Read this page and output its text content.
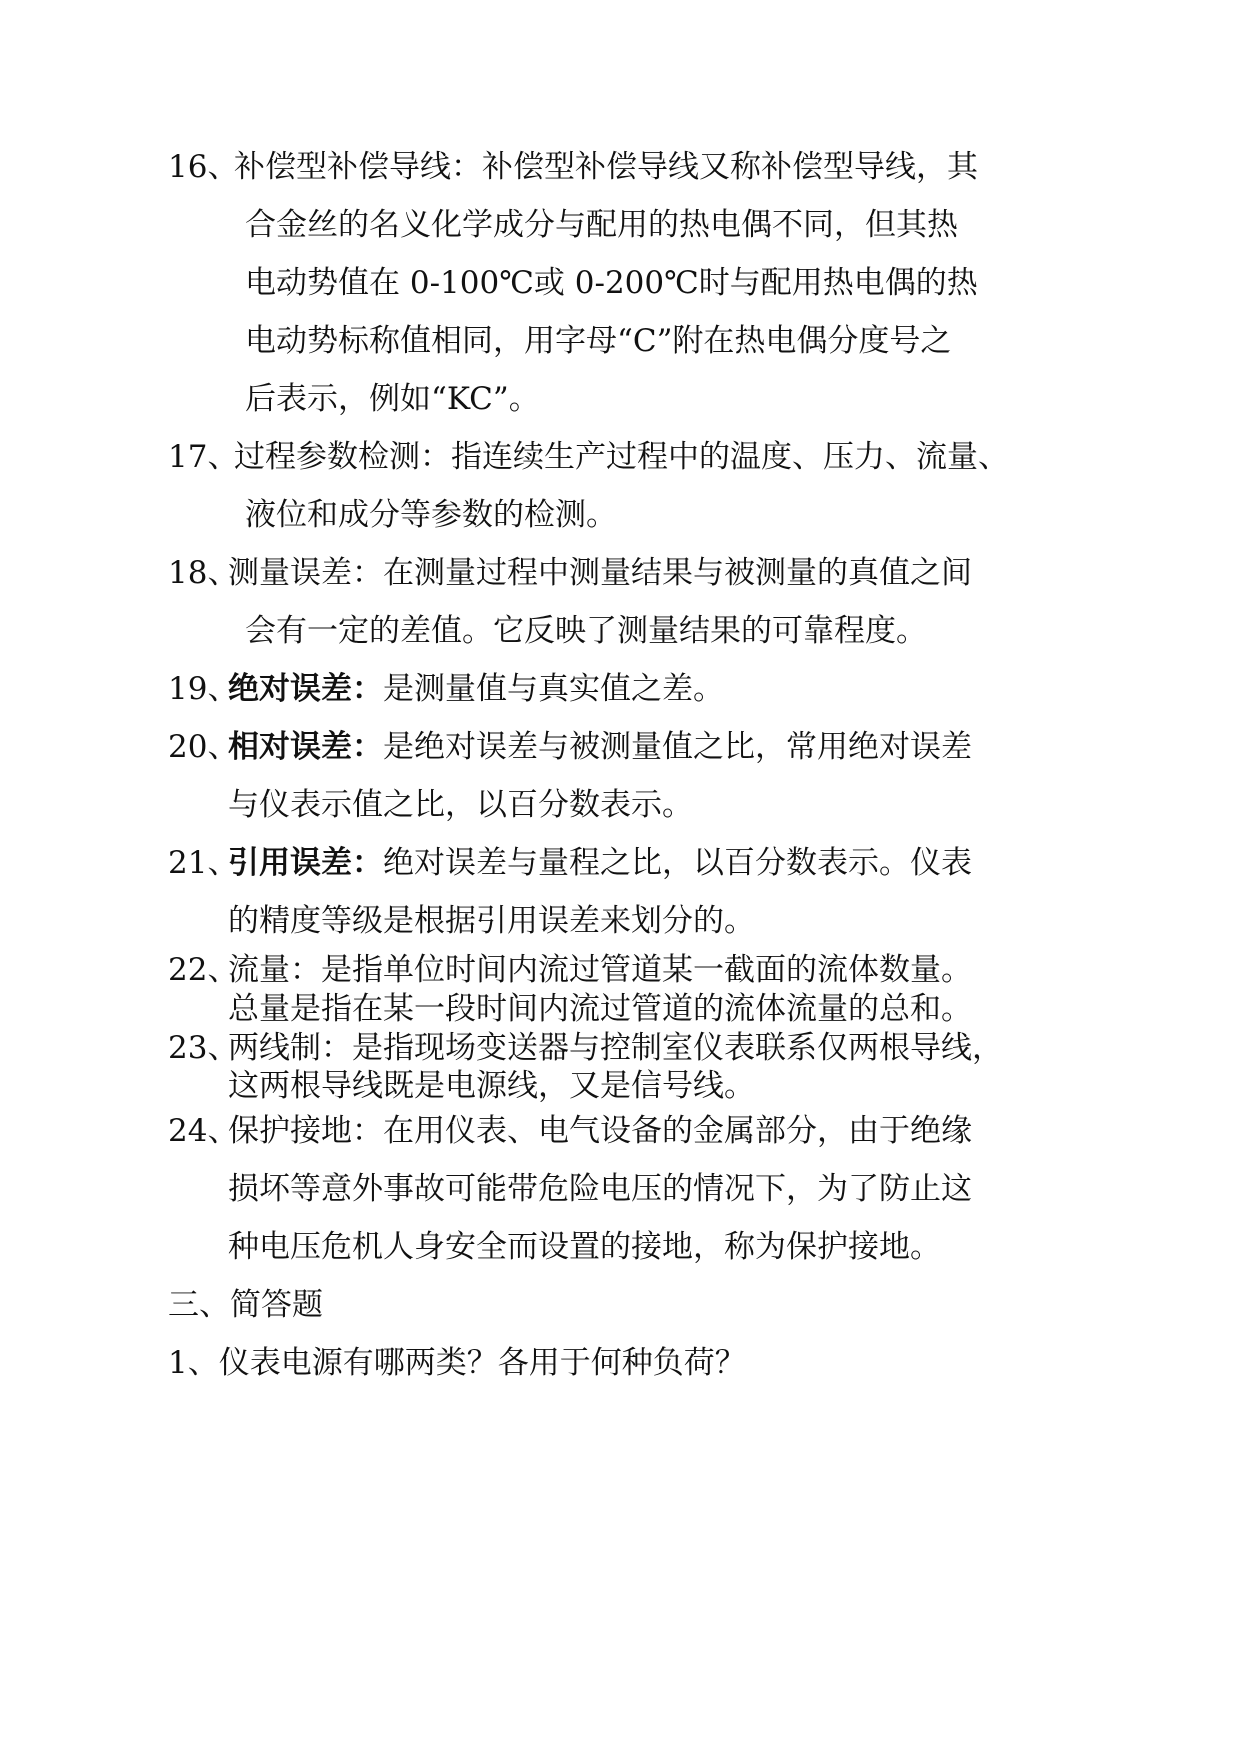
16、补偿型补偿导线：补偿型补偿导线又称补偿型导线，其
合金丝的名义化学成分与配用的热电偶不同，但其热
电动势值在 0-100℃或 0-200℃时与配用热电偶的热
电动势标称值相同，用字母“C”附在热电偶分度号之
后表示，例如“KC”。
17、过程参数检测：指连续生产过程中的温度、压力、流量、
液位和成分等参数的检测。
18、测量误差：在测量过程中测量结果与被测量的真值之间
会有一定的差值。它反映了测量结果的可靠程度。
19、绝对误差：是测量值与真实值之差。
20、相对误差：是绝对误差与被测量值之比，常用绝对误差
与仪表示值之比，以百分数表示。
21、引用误差：绝对误差与量程之比，以百分数表示。仪表
的精度等级是根据引用误差来划分的。
22、流量：是指单位时间内流过管道某一截面的流体数量。
总量是指在某一段时间内流过管道的流体流量的总和。
23、两线制：是指现场变送器与控制室仪表联系仅两根导线，
这两根导线既是电源线，又是信号线。
24、保护接地：在用仪表、电气设备的金属部分，由于绝缘
损坏等意外事故可能带危险电压的情况下，为了防止这
种电压危机人身安全而设置的接地，称为保护接地。
三、简答题
1、仪表电源有哪两类？各用于何种负荷？
